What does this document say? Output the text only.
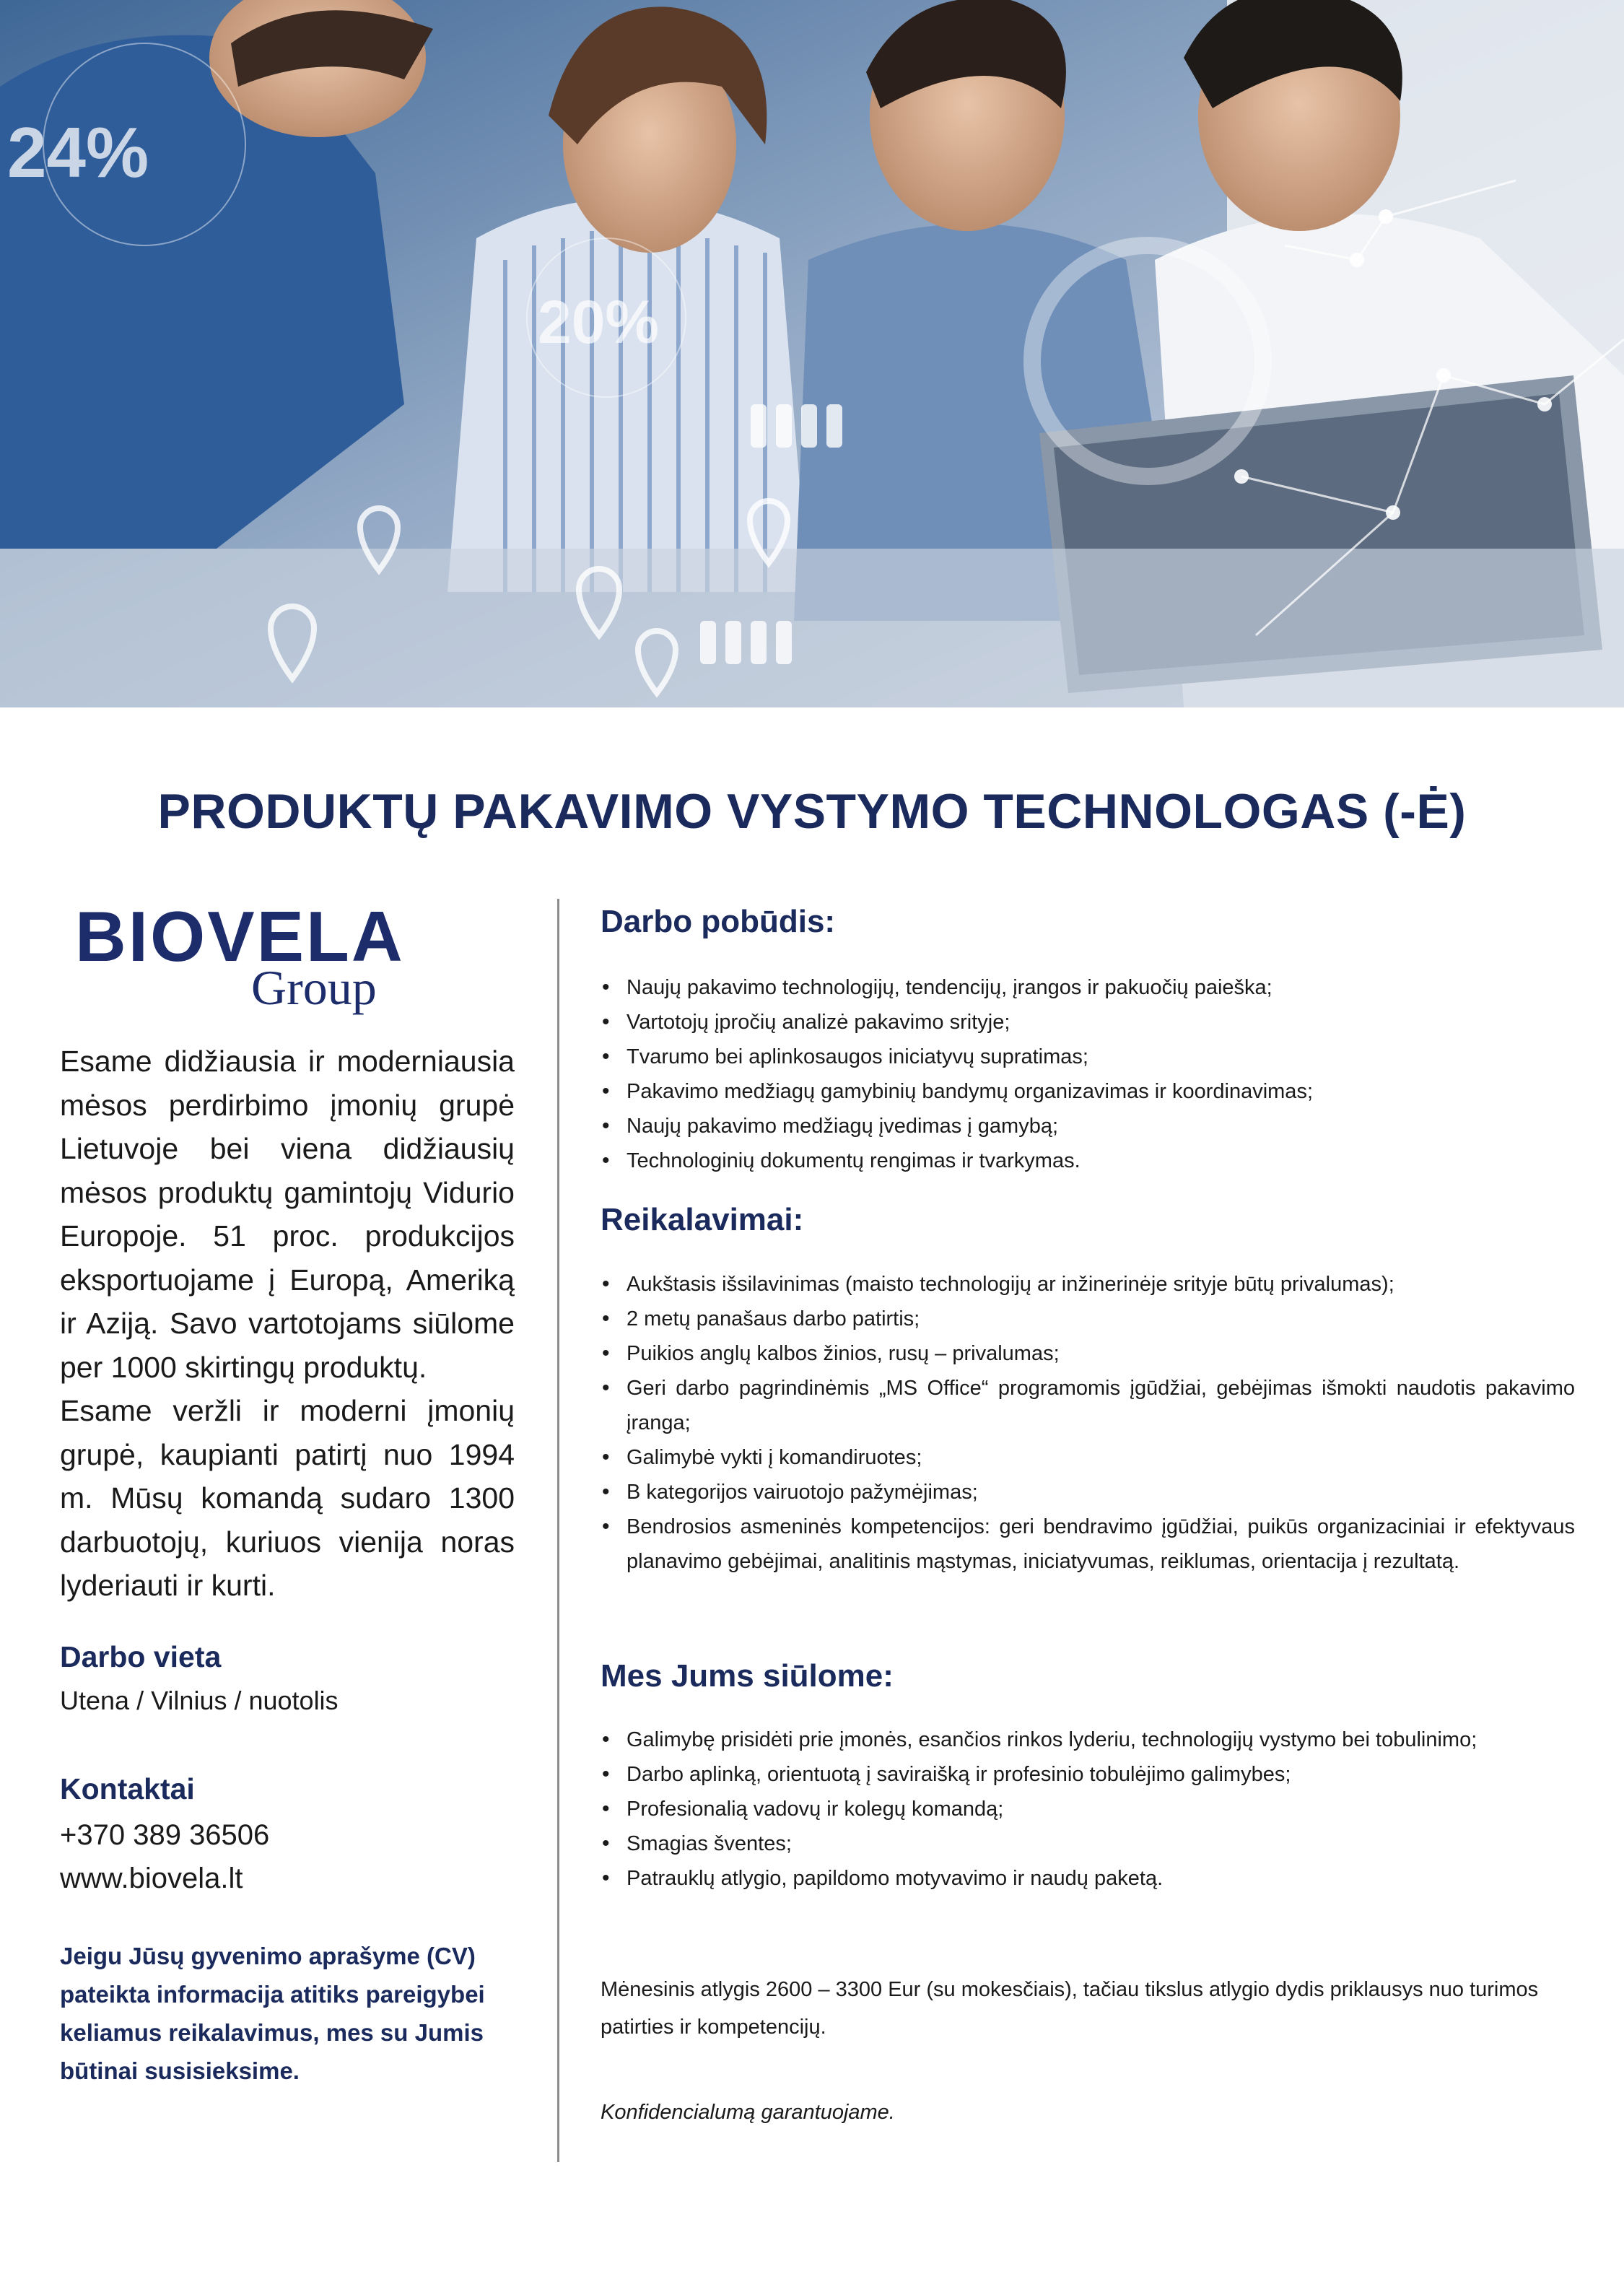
24%
20%
PRODUKTŲ PAKAVIMO VYSTYMO TECHNOLOGAS (-Ė)
BIOVELA
Group

Esame didžiausia ir moderniausia mėsos perdirbimo įmonių grupė Lietuvoje bei viena didžiausių mėsos produktų gamintojų Vidurio Europoje. 51 proc. produkcijos eksportuojame į Europą, Ameriką ir Aziją. Savo vartotojams siūlome per 1000 skirtingų produktų.

Esame veržli ir moderni įmonių grupė, kaupianti patirtį nuo 1994 m. Mūsų komandą sudaro 1300 darbuotojų, kuriuos vienija noras lyderiauti ir kurti.

Darbo vieta
Utena / Vilnius / nuotolis
Kontaktai
+370 389 36506
www.biovela.lt
Jeigu Jūsų gyvenimo aprašyme (CV) pateikta informacija atitiks pareigybei keliamus reikalavimus, mes su Jumis būtinai susisieksime.
Darbo pobūdis:
• Naujų pakavimo technologijų, tendencijų, įrangos ir pakuočių paieška;
• Vartotojų įpročių analizė pakavimo srityje;
• Tvarumo bei aplinkosaugos iniciatyvų supratimas;
• Pakavimo medžiagų gamybinių bandymų organizavimas ir koordinavimas;
• Naujų pakavimo medžiagų įvedimas į gamybą;
• Technologinių dokumentų rengimas ir tvarkymas.
Reikalavimai:
• Aukštasis išsilavinimas (maisto technologijų ar inžinerinėje srityje būtų privalumas);
• 2 metų panašaus darbo patirtis;
• Puikios anglų kalbos žinios, rusų – privalumas;
• Geri darbo pagrindinėmis „MS Office“ programomis įgūdžiai, gebėjimas išmokti naudotis pakavimo įranga;
• Galimybė vykti į komandiruotes;
• B kategorijos vairuotojo pažymėjimas;
• Bendrosios asmeninės kompetencijos: geri bendravimo įgūdžiai, puikūs organizaciniai ir efektyvaus planavimo gebėjimai, analitinis mąstymas, iniciatyvumas, reiklumas, orientacija į rezultatą.
Mes Jums siūlome:
• Galimybę prisidėti prie įmonės, esančios rinkos lyderiu, technologijų vystymo bei tobulinimo;
• Darbo aplinką, orientuotą į saviraišką ir profesinio tobulėjimo galimybes;
• Profesionalią vadovų ir kolegų komandą;
• Smagias šventes;
• Patrauklų atlygio, papildomo motyvavimo ir naudų paketą.
Mėnesinis atlygis 2600 – 3300 Eur (su mokesčiais), tačiau tikslus atlygio dydis priklausys nuo turimos patirties ir kompetencijų.
Konfidencialumą garantuojame.
